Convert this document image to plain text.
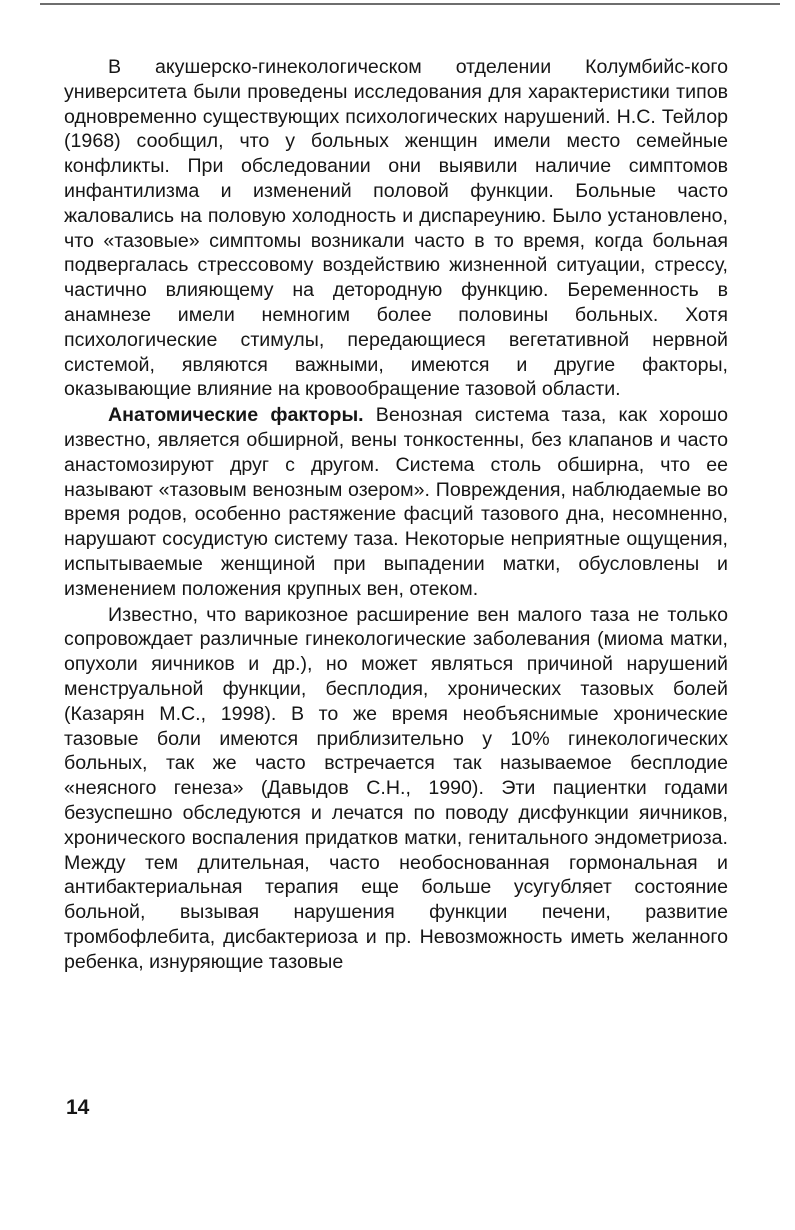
В акушерско-гинекологическом отделении Колумбийс-кого университета были проведены исследования для характеристики типов одновременно существующих психологических нарушений. Н.С. Тейлор (1968) сообщил, что у больных женщин имели место семейные конфликты. При обследовании они выявили наличие симптомов инфантилизма и изменений половой функции. Больные часто жаловались на половую холодность и диспареунию. Было установлено, что «тазовые» симптомы возникали часто в то время, когда больная подвергалась стрессовому воздействию жизненной ситуации, стрессу, частично влияющему на детородную функцию. Беременность в анамнезе имели немногим более половины больных. Хотя психологические стимулы, передающиеся вегетативной нервной системой, являются важными, имеются и другие факторы, оказывающие влияние на кровообращение тазовой области.

Анатомические факторы. Венозная система таза, как хорошо известно, является обширной, вены тонкостенны, без клапанов и часто анастомозируют друг с другом. Система столь обширна, что ее называют «тазовым венозным озером». Повреждения, наблюдаемые во время родов, особенно растяжение фасций тазового дна, несомненно, нарушают сосудистую систему таза. Некоторые неприятные ощущения, испытываемые женщиной при выпадении матки, обусловлены и изменением положения крупных вен, отеком.

Известно, что варикозное расширение вен малого таза не только сопровождает различные гинекологические заболевания (миома матки, опухоли яичников и др.), но может являться причиной нарушений менструальной функции, бесплодия, хронических тазовых болей (Казарян М.С., 1998). В то же время необъяснимые хронические тазовые боли имеются приблизительно у 10% гинекологических больных, так же часто встречается так называемое бесплодие «неясного генеза» (Давыдов С.Н., 1990). Эти пациентки годами безуспешно обследуются и лечатся по поводу дисфункции яичников, хронического воспаления придатков матки, генитального эндометриоза. Между тем длительная, часто необоснованная гормональная и антибактериальная терапия еще больше усугубляет состояние больной, вызывая нарушения функции печени, развитие тромбофлебита, дисбактериоза и пр. Невозможность иметь желанного ребенка, изнуряющие тазовые

14
